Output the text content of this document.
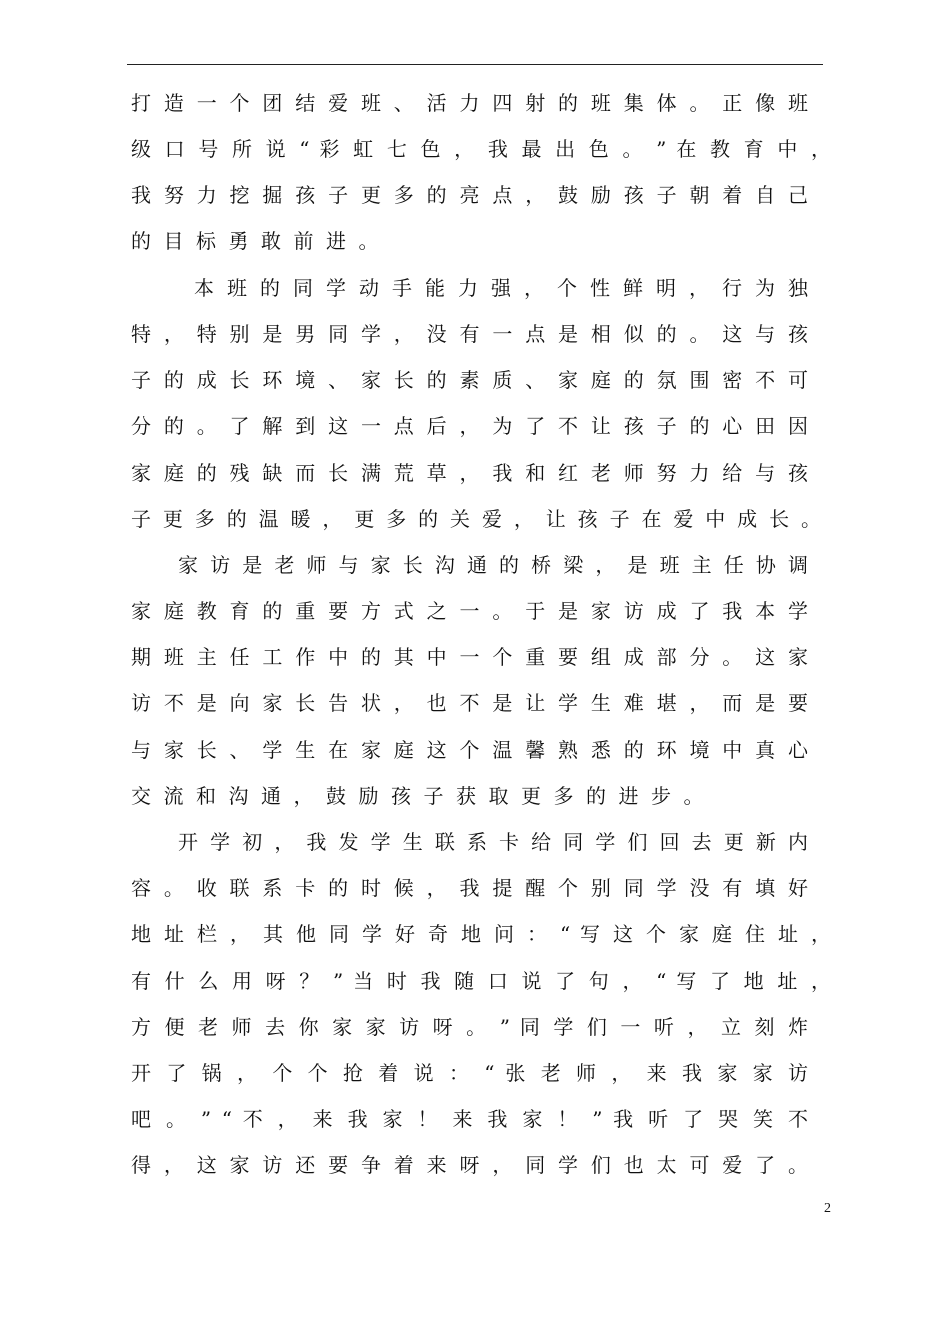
打 造 一 个 团 结 爱 班 、 活 力 四 射 的 班 集 体 。 正 像 班
级 口 号 所 说 “ 彩 虹 七 色 ， 我 最 出 色 。 ” 在 教 育 中 ，
我 努 力 挖 掘 孩 子 更 多 的 亮 点 ， 鼓 励 孩 子 朝 着 自 己
的目标勇敢前进。
本 班 的 同 学 动 手 能 力 强 ， 个 性 鲜 明 ， 行 为 独
特 ， 特 别 是 男 同 学 ， 没 有 一 点 是 相 似 的 。 这 与 孩
子 的 成 长 环 境 、 家 长 的 素 质 、 家 庭 的 氛 围 密 不 可
分 的 。 了 解 到 这 一 点 后 ， 为 了 不 让 孩 子 的 心 田 因
家 庭 的 残 缺 而 长 满 荒 草 ， 我 和 红 老 师 努 力 给 与 孩
子 更 多 的 温 暖 ， 更 多 的 关 爱 ， 让 孩 子 在 爱 中 成 长 。
家 访 是 老 师 与 家 长 沟 通 的 桥 梁 ， 是 班 主 任 协 调
家 庭 教 育 的 重 要 方 式 之 一 。 于 是 家 访 成 了 我 本 学
期 班 主 任 工 作 中 的 其 中 一 个 重 要 组 成 部 分 。 这 家
访 不 是 向 家 长 告 状 ， 也 不 是 让 学 生 难 堪 ， 而 是 要
与 家 长 、 学 生 在 家 庭 这 个 温 馨 熟 悉 的 环 境 中 真 心
交流和沟通，鼓励孩子获取更多的进步。
开 学 初 ， 我 发 学 生 联 系 卡 给 同 学 们 回 去 更 新 内
容 。 收 联 系 卡 的 时 候 ， 我 提 醒 个 别 同 学 没 有 填 好
地 址 栏 ， 其 他 同 学 好 奇 地 问 ： “ 写 这 个 家 庭 住 址 ，
有 什 么 用 呀 ？ ” 当 时 我 随 口 说 了 句 ， “ 写 了 地 址 ，
方 便 老 师 去 你 家 家 访 呀 。 ” 同 学 们 一 听 ， 立 刻 炸
开 了 锅 ， 个 个 抢 着 说 ： “ 张 老 师 ， 来 我 家 家 访
吧 。 ” “ 不 ， 来 我 家 ！ 来 我 家 ！ ” 我 听 了 哭 笑 不
得 ， 这 家 访 还 要 争 着 来 呀 ， 同 学 们 也 太 可 爱 了 。
2
